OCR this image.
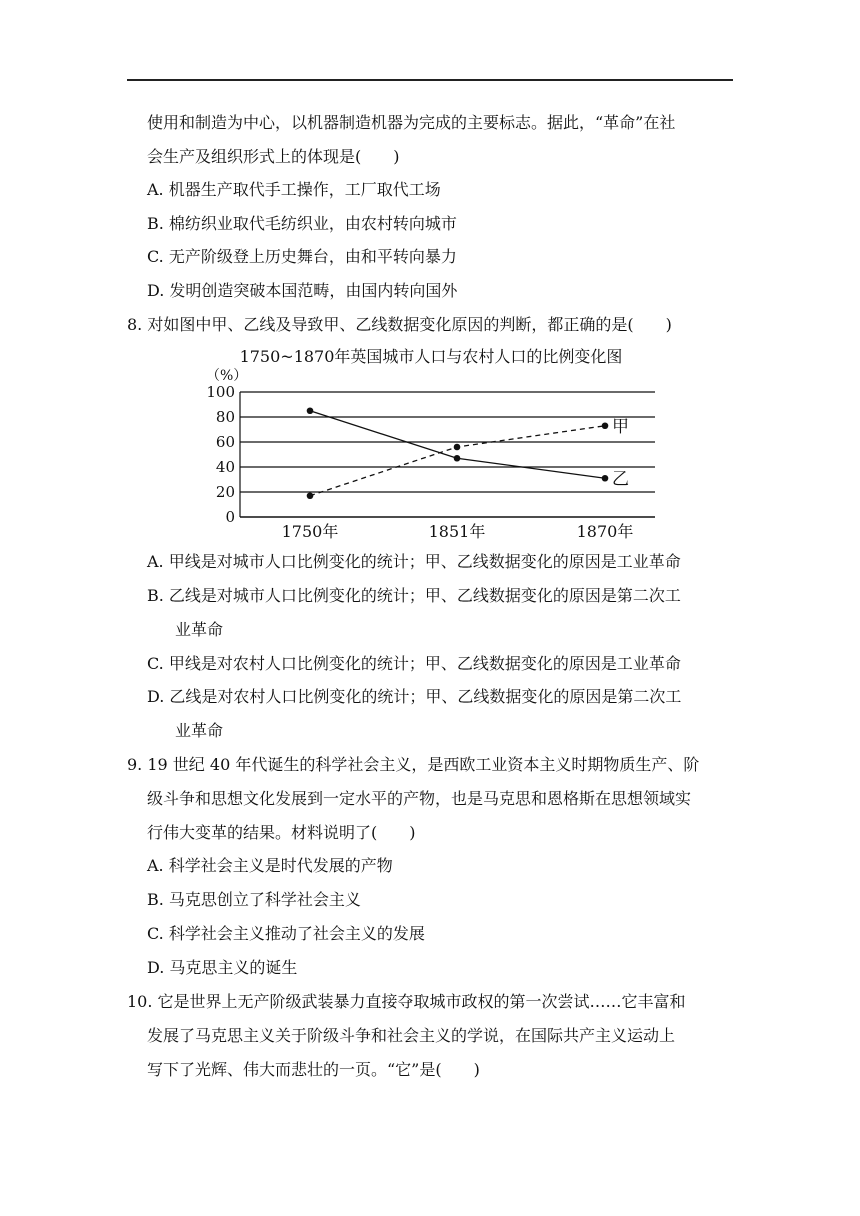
使用和制造为中心，以机器制造机器为完成的主要标志。据此，“革命”在社
会生产及组织形式上的体现是(　　)
A. 机器生产取代手工操作，工厂取代工场
B. 棉纺织业取代毛纺织业，由农村转向城市
C. 无产阶级登上历史舞台，由和平转向暴力
D. 发明创造突破本国范畴，由国内转向国外
8. 对如图中甲、乙线及导致甲、乙线数据变化原因的判断，都正确的是(　　)
1750~1870年英国城市人口与农村人口的比例变化图
（%）
0
20
40
60
80
100
1750年	1851年	1870年
甲
乙
A. 甲线是对城市人口比例变化的统计；甲、乙线数据变化的原因是工业革命
B. 乙线是对城市人口比例变化的统计；甲、乙线数据变化的原因是第二次工
业革命
C. 甲线是对农村人口比例变化的统计；甲、乙线数据变化的原因是工业革命
D. 乙线是对农村人口比例变化的统计；甲、乙线数据变化的原因是第二次工
业革命
9. 19 世纪 40 年代诞生的科学社会主义，是西欧工业资本主义时期物质生产、阶
级斗争和思想文化发展到一定水平的产物，也是马克思和恩格斯在思想领域实
行伟大变革的结果。材料说明了(　　)
A. 科学社会主义是时代发展的产物
B. 马克思创立了科学社会主义
C. 科学社会主义推动了社会主义的发展
D. 马克思主义的诞生
10. 它是世界上无产阶级武装暴力直接夺取城市政权的第一次尝试……它丰富和
发展了马克思主义关于阶级斗争和社会主义的学说，在国际共产主义运动上
写下了光辉、伟大而悲壮的一页。“它”是(　　)
